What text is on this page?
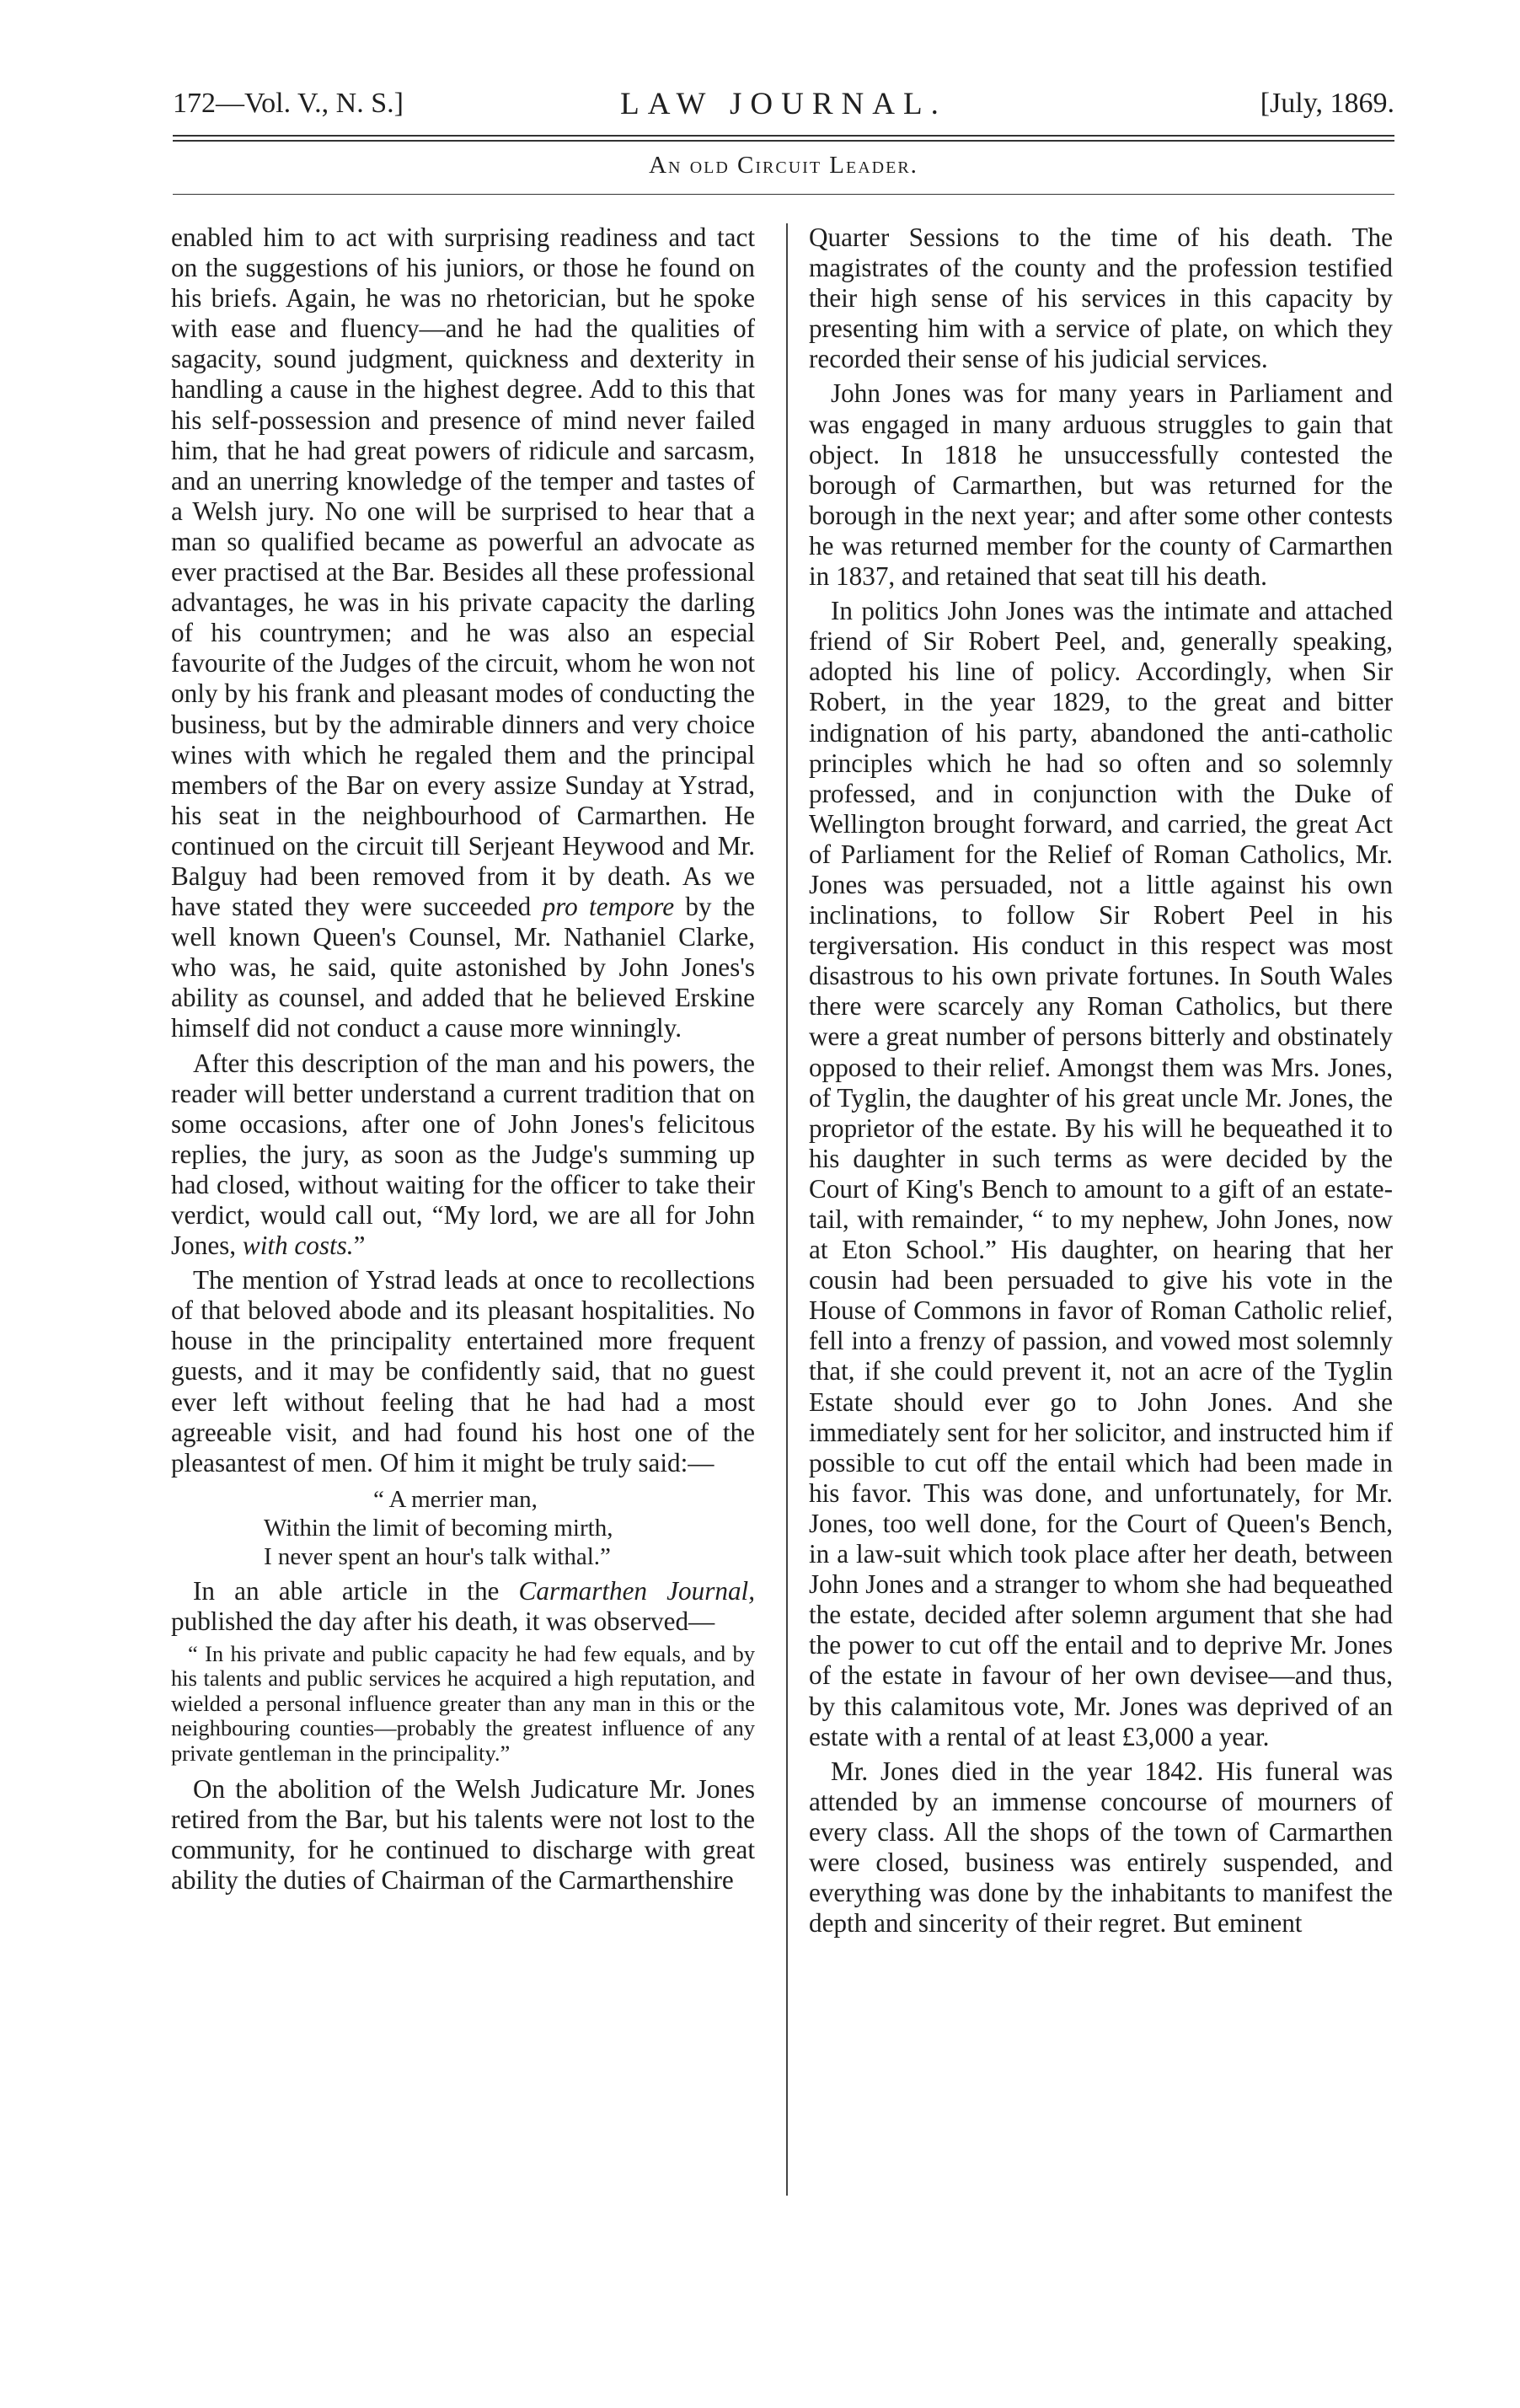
172—Vol. V., N. S.]	LAW JOURNAL.	[July, 1869.
An old Circuit Leader.

enabled him to act with surprising readiness and tact on the suggestions of his juniors, or those he found on his briefs. Again, he was no rhetorician, but he spoke with ease and fluency—and he had the qualities of sagacity, sound judgment, quickness and dexterity in handling a cause in the highest degree. Add to this that his self-possession and presence of mind never failed him, that he had great powers of ridicule and sarcasm, and an unerring knowledge of the temper and tastes of a Welsh jury. No one will be surprised to hear that a man so qualified became as powerful an advocate as ever practised at the Bar. Besides all these professional advantages, he was in his private capacity the darling of his countrymen; and he was also an especial favourite of the Judges of the circuit, whom he won not only by his frank and pleasant modes of conducting the business, but by the admirable dinners and very choice wines with which he regaled them and the principal members of the Bar on every assize Sunday at Ystrad, his seat in the neighbourhood of Carmarthen. He continued on the circuit till Serjeant Heywood and Mr. Balguy had been removed from it by death. As we have stated they were succeeded pro tempore by the well known Queen's Counsel, Mr. Nathaniel Clarke, who was, he said, quite astonished by John Jones's ability as counsel, and added that he believed Erskine himself did not conduct a cause more winningly.

After this description of the man and his powers, the reader will better understand a current tradition that on some occasions, after one of John Jones's felicitous replies, the jury, as soon as the Judge's summing up had closed, without waiting for the officer to take their verdict, would call out, “My lord, we are all for John Jones, with costs.”

The mention of Ystrad leads at once to recollections of that beloved abode and its pleasant hospitalities. No house in the principality entertained more frequent guests, and it may be confidently said, that no guest ever left without feeling that he had had a most agreeable visit, and had found his host one of the pleasantest of men. Of him it might be truly said:—

“ A merrier man,
Within the limit of becoming mirth,
I never spent an hour's talk withal.”

In an able article in the Carmarthen Journal, published the day after his death, it was observed—

“ In his private and public capacity he had few equals, and by his talents and public services he acquired a high reputation, and wielded a personal influence greater than any man in this or the neighbouring counties—probably the greatest influence of any private gentleman in the principality.”

On the abolition of the Welsh Judicature Mr. Jones retired from the Bar, but his talents were not lost to the community, for he continued to discharge with great ability the duties of Chairman of the Carmarthenshire

Quarter Sessions to the time of his death. The magistrates of the county and the profession testified their high sense of his services in this capacity by presenting him with a service of plate, on which they recorded their sense of his judicial services.

John Jones was for many years in Parliament and was engaged in many arduous struggles to gain that object. In 1818 he unsuccessfully contested the borough of Carmarthen, but was returned for the borough in the next year; and after some other contests he was returned member for the county of Carmarthen in 1837, and retained that seat till his death.

In politics John Jones was the intimate and attached friend of Sir Robert Peel, and, generally speaking, adopted his line of policy. Accordingly, when Sir Robert, in the year 1829, to the great and bitter indignation of his party, abandoned the anti-catholic principles which he had so often and so solemnly professed, and in conjunction with the Duke of Wellington brought forward, and carried, the great Act of Parliament for the Relief of Roman Catholics, Mr. Jones was persuaded, not a little against his own inclinations, to follow Sir Robert Peel in his tergiversation. His conduct in this respect was most disastrous to his own private fortunes. In South Wales there were scarcely any Roman Catholics, but there were a great number of persons bitterly and obstinately opposed to their relief. Amongst them was Mrs. Jones, of Tyglin, the daughter of his great uncle Mr. Jones, the proprietor of the estate. By his will he bequeathed it to his daughter in such terms as were decided by the Court of King's Bench to amount to a gift of an estate-tail, with remainder, “ to my nephew, John Jones, now at Eton School.” His daughter, on hearing that her cousin had been persuaded to give his vote in the House of Commons in favor of Roman Catholic relief, fell into a frenzy of passion, and vowed most solemnly that, if she could prevent it, not an acre of the Tyglin Estate should ever go to John Jones. And she immediately sent for her solicitor, and instructed him if possible to cut off the entail which had been made in his favor. This was done, and unfortunately, for Mr. Jones, too well done, for the Court of Queen's Bench, in a law-suit which took place after her death, between John Jones and a stranger to whom she had bequeathed the estate, decided after solemn argument that she had the power to cut off the entail and to deprive Mr. Jones of the estate in favour of her own devisee—and thus, by this calamitous vote, Mr. Jones was deprived of an estate with a rental of at least £3,000 a year.

Mr. Jones died in the year 1842. His funeral was attended by an immense concourse of mourners of every class. All the shops of the town of Carmarthen were closed, business was entirely suspended, and everything was done by the inhabitants to manifest the depth and sincerity of their regret. But eminent
